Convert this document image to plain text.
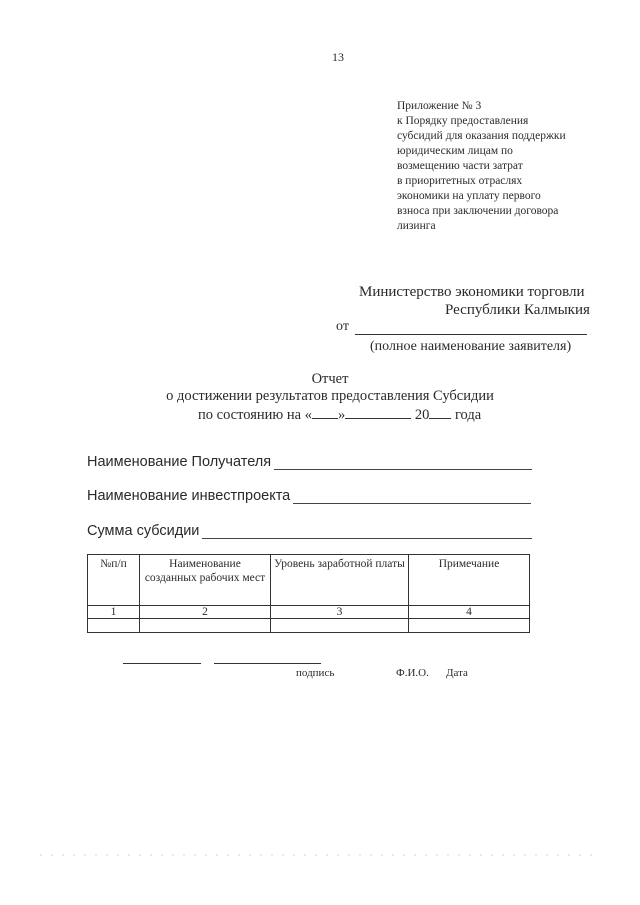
13
Приложение № 3
к Порядку предоставления
субсидий для оказания поддержки
юридическим лицам по
возмещению части затрат
в приоритетных отраслях
экономики на уплату первого
взноса при заключении договора
лизинга
Министерство экономики торговли
Республики Калмыкия
от
(полное наименование заявителя)
Отчет
о достижении результатов предоставления Субсидии
по состоянию на « »	20 года
Наименование Получателя
Наименование инвестпроекта
Сумма субсидии
№п/п	Наименование созданных рабочих мест	Уровень заработной платы	Примечание
1	2	3	4

подпись	Ф.И.О. Дата
